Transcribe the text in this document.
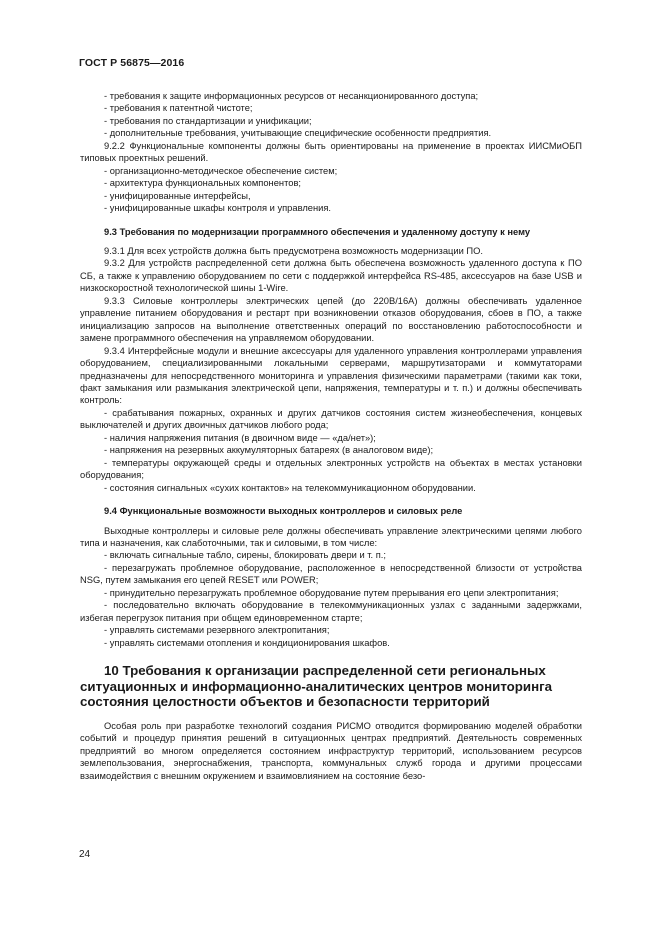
ГОСТ Р 56875—2016

- требования к защите информационных ресурсов от несанкционированного доступа;

- требования к патентной чистоте;

- требования по стандартизации и унификации;

- дополнительные требования, учитывающие специфические особенности предприятия.

9.2.2 Функциональные компоненты должны быть ориентированы на применение в проектах ИИСМиОБП типовых проектных решений.

- организационно-методическое обеспечение систем;

- архитектура функциональных компонентов;

- унифицированные интерфейсы,

- унифицированные шкафы контроля и управления.

9.3 Требования по модернизации программного обеспечения и удаленному доступу к нему

9.3.1 Для всех устройств должна быть предусмотрена возможность модернизации ПО.

9.3.2 Для устройств распределенной сети должна быть обеспечена возможность удаленного доступа к ПО СБ, а также к управлению оборудованием по сети с поддержкой интерфейса RS-485, аксессуаров на базе USB и низкоскоростной технологической шины 1-Wire.

9.3.3 Силовые контроллеры электрических цепей (до 220В/16А) должны обеспечивать удаленное управление питанием оборудования и рестарт при возникновении отказов оборудования, сбоев в ПО, а также инициализацию запросов на выполнение ответственных операций по восстановлению работоспособности и замене программного обеспечения на управляемом оборудовании.

9.3.4 Интерфейсные модули и внешние аксессуары для удаленного управления контроллерами управления оборудованием, специализированными локальными серверами, маршрутизаторами и коммутаторами предназначены для непосредственного мониторинга и управления физическими параметрами (такими как токи, факт замыкания или размыкания электрической цепи, напряжения, температуры и т. п.) и должны обеспечивать контроль:

- срабатывания пожарных, охранных и других датчиков состояния систем жизнеобеспечения, концевых выключателей и других двоичных датчиков любого рода;

- наличия напряжения питания (в двоичном виде — «да/нет»);

- напряжения на резервных аккумуляторных батареях (в аналоговом виде);

- температуры окружающей среды и отдельных электронных устройств на объектах в местах установки оборудования;

- состояния сигнальных «сухих контактов» на телекоммуникационном оборудовании.

9.4 Функциональные возможности выходных контроллеров и силовых реле

Выходные контроллеры и силовые реле должны обеспечивать управление электрическими цепями любого типа и назначения, как слаботочными, так и силовыми, в том числе:

- включать сигнальные табло, сирены, блокировать двери и т. п.;

- перезагружать проблемное оборудование, расположенное в непосредственной близости от устройства NSG, путем замыкания его цепей RESET или POWER;

- принудительно перезагружать проблемное оборудование путем прерывания его цепи электропитания;

- последовательно включать оборудование в телекоммуникационных узлах с заданными задержками, избегая перегрузок питания при общем единовременном старте;

- управлять системами резервного электропитания;

- управлять системами отопления и кондиционирования шкафов.

10 Требования к организации распределенной сети региональных ситуационных и информационно-аналитических центров мониторинга состояния целостности объектов и безопасности территорий

Особая роль при разработке технологий создания РИСМО отводится формированию моделей обработки событий и процедур принятия решений в ситуационных центрах предприятий. Деятельность современных предприятий во многом определяется состоянием инфраструктур территорий, использованием ресурсов землепользования, энергоснабжения, транспорта, коммунальных служб города и другими процессами взаимодействия с внешним окружением и взаимовлиянием на состояние безо-

24
